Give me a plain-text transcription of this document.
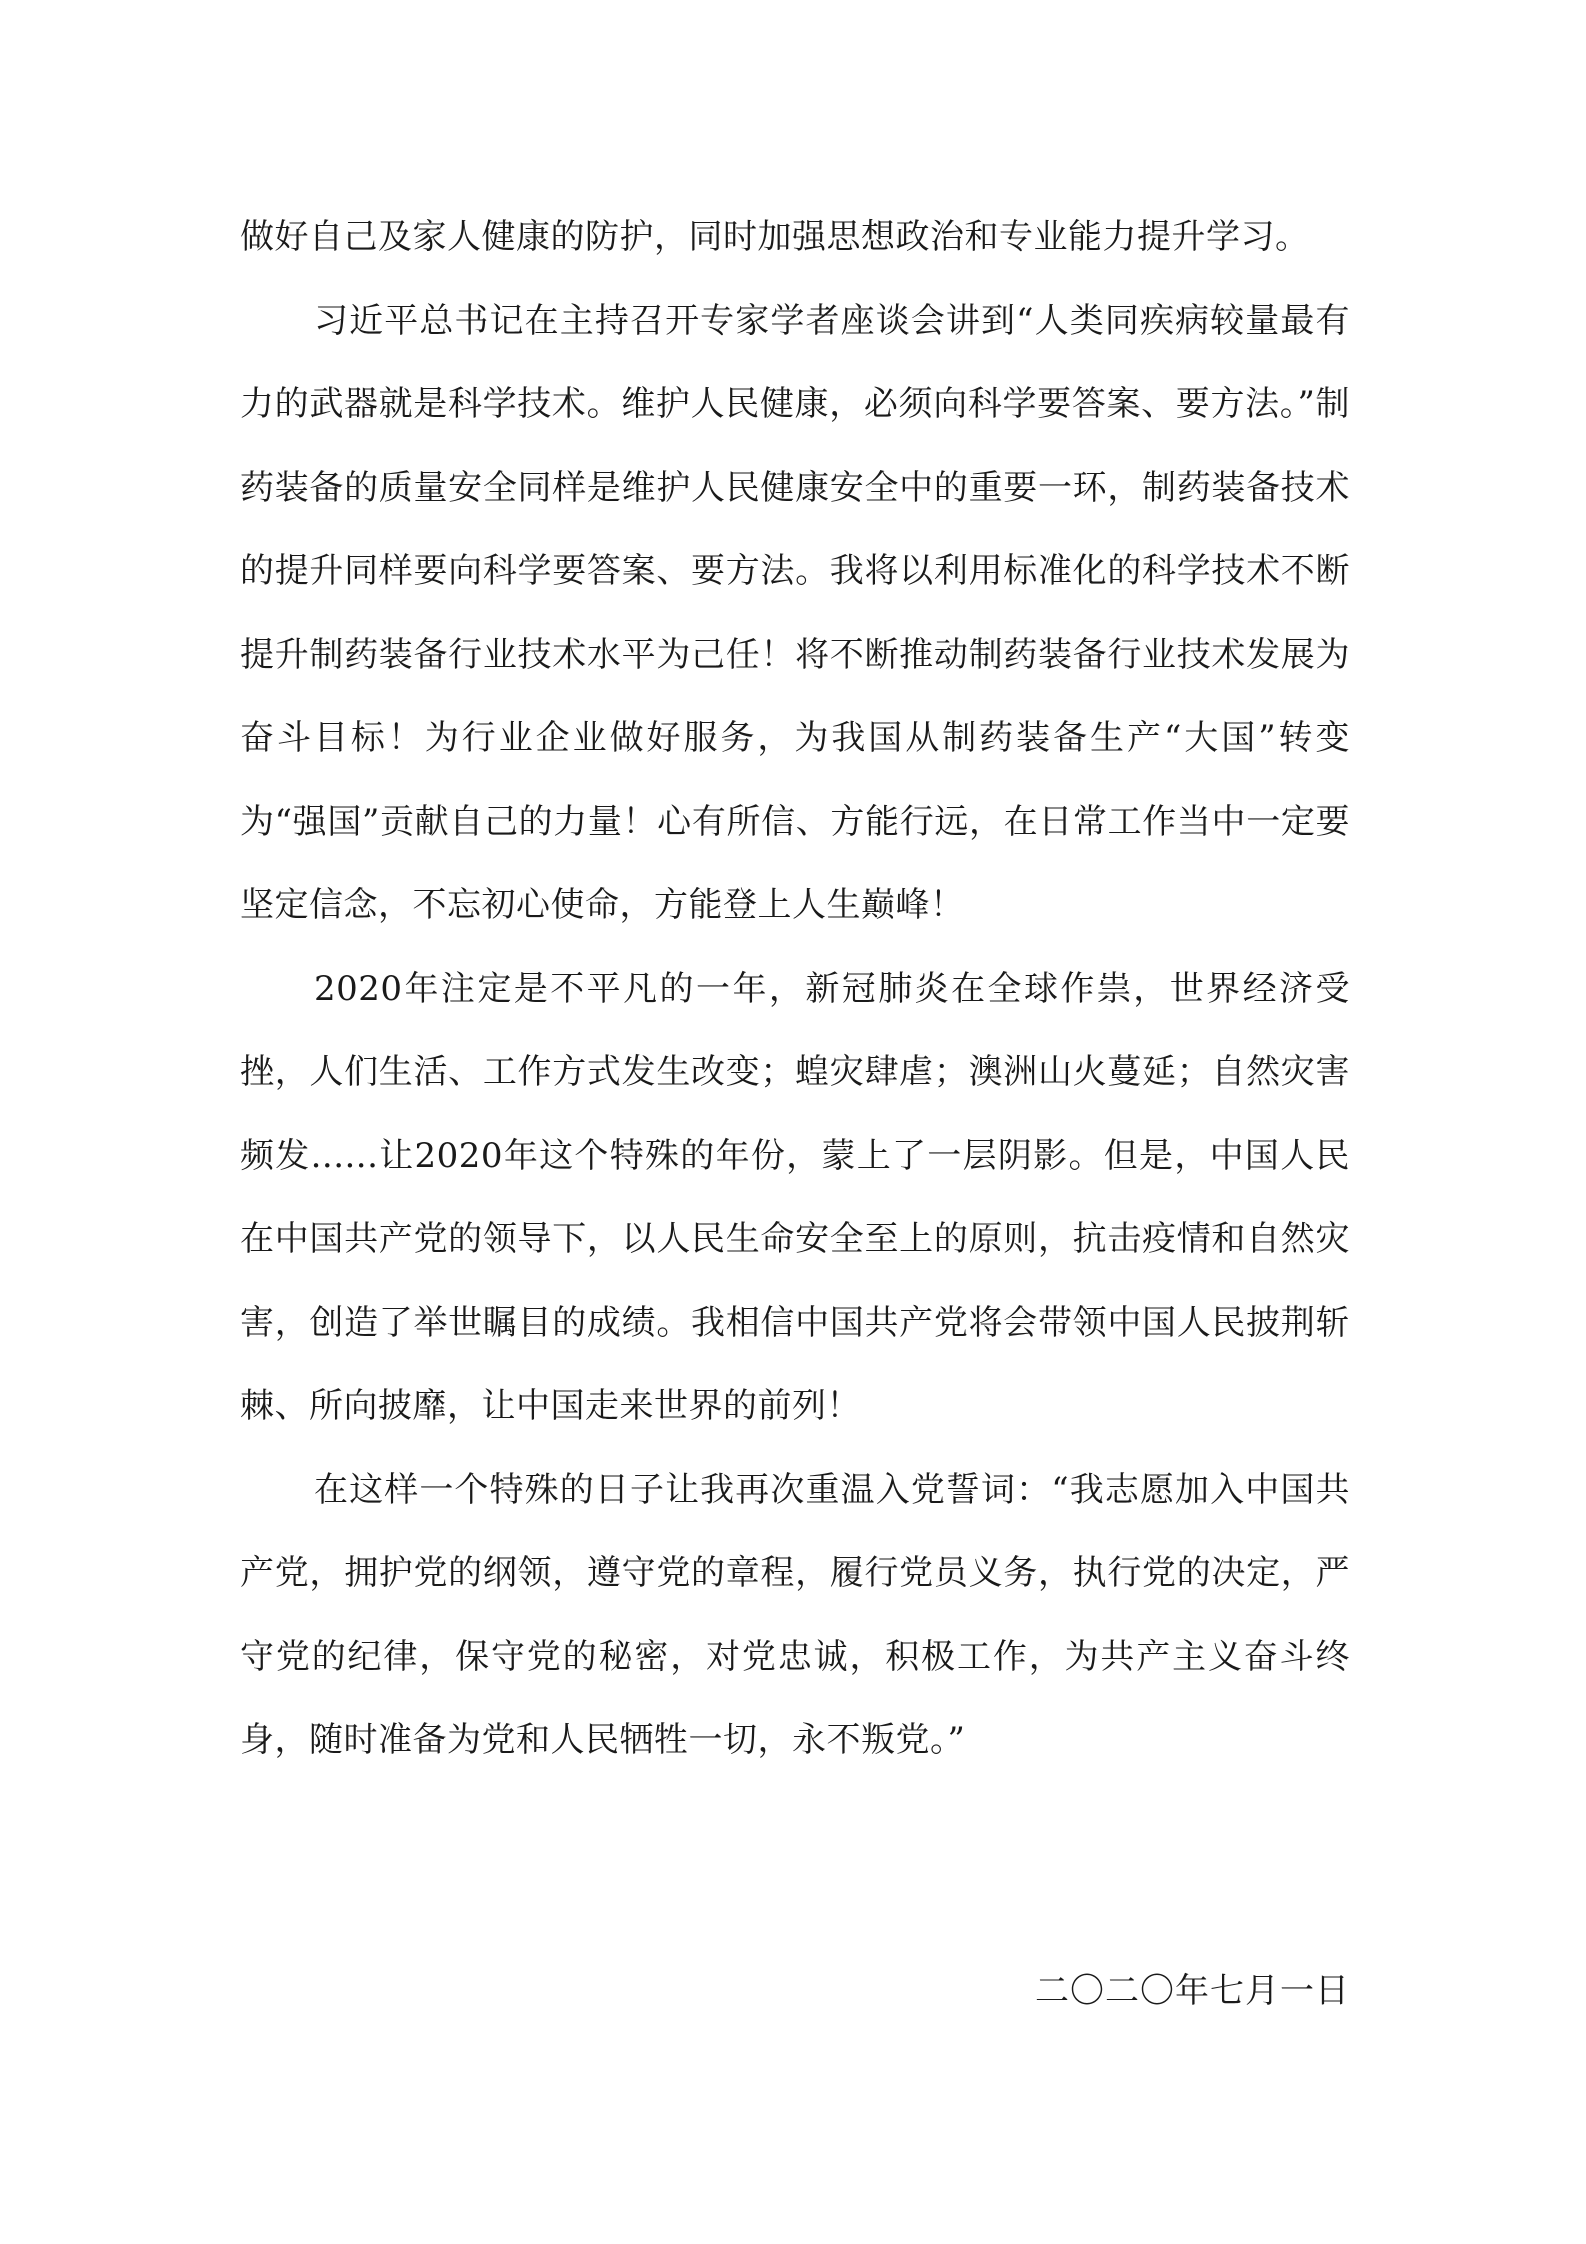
做好自己及家人健康的防护，同时加强思想政治和专业能力提升学习。

习近平总书记在主持召开专家学者座谈会讲到“人类同疾病较量最有力的武器就是科学技术。维护人民健康，必须向科学要答案、要方法。”制药装备的质量安全同样是维护人民健康安全中的重要一环，制药装备技术的提升同样要向科学要答案、要方法。我将以利用标准化的科学技术不断提升制药装备行业技术水平为己任！将不断推动制药装备行业技术发展为奋斗目标！为行业企业做好服务，为我国从制药装备生产“大国”转变为“强国”贡献自己的力量！心有所信、方能行远，在日常工作当中一定要坚定信念，不忘初心使命，方能登上人生巅峰！

2020年注定是不平凡的一年，新冠肺炎在全球作祟，世界经济受挫，人们生活、工作方式发生改变；蝗灾肆虐；澳洲山火蔓延；自然灾害频发......让2020年这个特殊的年份，蒙上了一层阴影。但是，中国人民在中国共产党的领导下，以人民生命安全至上的原则，抗击疫情和自然灾害，创造了举世瞩目的成绩。我相信中国共产党将会带领中国人民披荆斩棘、所向披靡，让中国走来世界的前列！

在这样一个特殊的日子让我再次重温入党誓词：“我志愿加入中国共产党，拥护党的纲领，遵守党的章程，履行党员义务，执行党的决定，严守党的纪律，保守党的秘密，对党忠诚，积极工作，为共产主义奋斗终身，随时准备为党和人民牺牲一切，永不叛党。”

二〇二〇年七月一日
